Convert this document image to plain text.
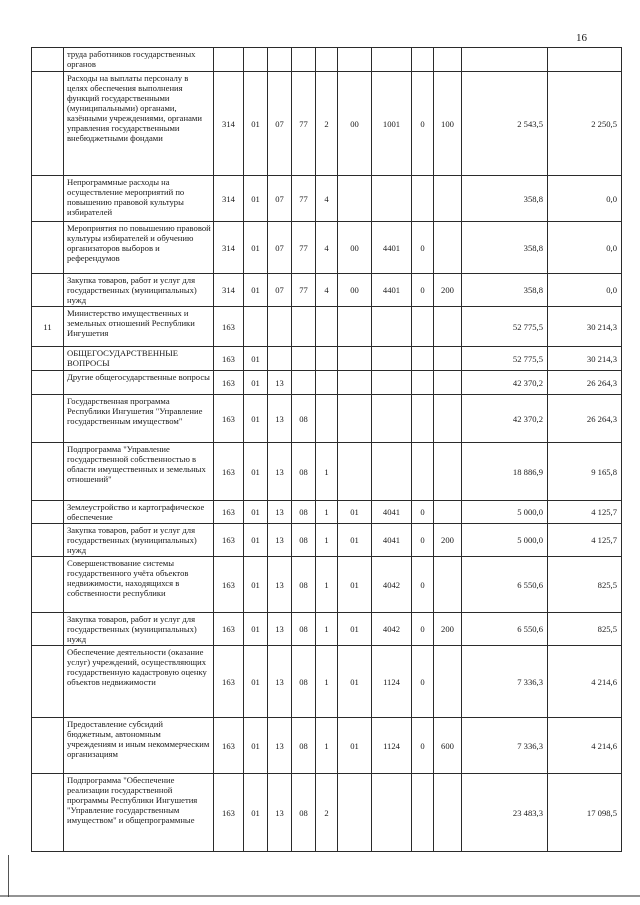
16
	труда работников государственных органов											
	Расходы на выплаты персоналу в целях обеспечения выполнения функций государственными (муниципальными) органами, казёнными учреждениями, органами управления государственными внебюджетными фондами	314	01	07	77	2	00	1001	0	100	2 543,5	2 250,5
	Непрограммные расходы на осуществление мероприятий по повышению правовой культуры избирателей	314	01	07	77	4					358,8	0,0
	Мероприятия по повышению правовой культуры избирателей и обучению организаторов выборов и референдумов	314	01	07	77	4	00	4401	0		358,8	0,0
	Закупка товаров, работ и услуг для государственных (муниципальных) нужд	314	01	07	77	4	00	4401	0	200	358,8	0,0
11	Министерство имущественных и земельных отношений Республики Ингушетия	163									52 775,5	30 214,3
	ОБЩЕГОСУДАРСТВЕННЫЕ ВОПРОСЫ	163	01								52 775,5	30 214,3
	Другие общегосударственные вопросы	163	01	13							42 370,2	26 264,3
	Государственная программа Республики Ингушетия "Управление государственным имуществом"	163	01	13	08						42 370,2	26 264,3
	Подпрограмма "Управление государственной собственностью в области имущественных и земельных отношений"	163	01	13	08	1					18 886,9	9 165,8
	Землеустройство и картографическое обеспечение	163	01	13	08	1	01	4041	0		5 000,0	4 125,7
	Закупка товаров, работ и услуг для государственных (муниципальных) нужд	163	01	13	08	1	01	4041	0	200	5 000,0	4 125,7
	Совершенствование системы государственного учёта объектов недвижимости, находящихся в собственности республики	163	01	13	08	1	01	4042	0		6 550,6	825,5
	Закупка товаров, работ и услуг для государственных (муниципальных) нужд	163	01	13	08	1	01	4042	0	200	6 550,6	825,5
	Обеспечение деятельности (оказание услуг) учреждений, осуществляющих государственную кадастровую оценку объектов недвижимости	163	01	13	08	1	01	1124	0		7 336,3	4 214,6
	Предоставление субсидий бюджетным, автономным учреждениям и иным некоммерческим организациям	163	01	13	08	1	01	1124	0	600	7 336,3	4 214,6
	Подпрограмма "Обеспечение реализации государственной программы Республики Ингушетия "Управление государственным имуществом" и общепрограммные	163	01	13	08	2					23 483,3	17 098,5
